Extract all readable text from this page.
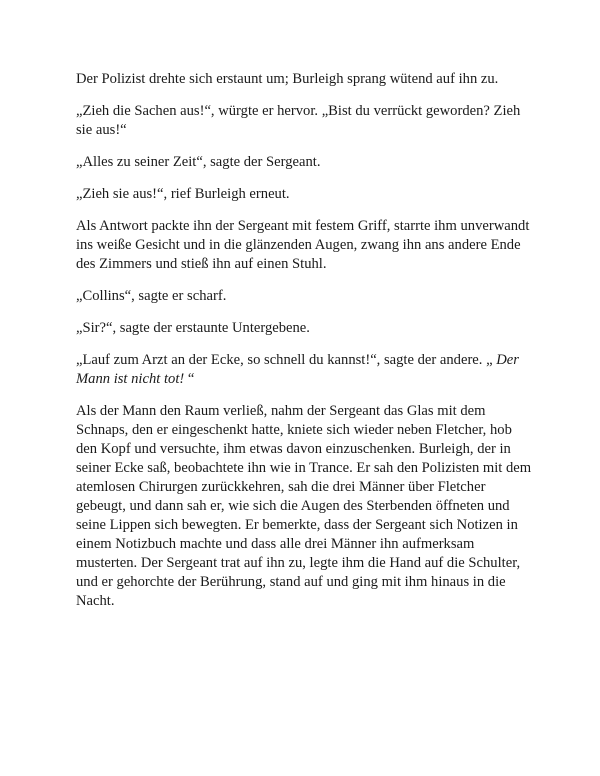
Der Polizist drehte sich erstaunt um; Burleigh sprang wütend auf ihn zu.

„Zieh die Sachen aus!“, würgte er hervor. „Bist du verrückt geworden? Zieh sie aus!“

„Alles zu seiner Zeit“, sagte der Sergeant.

„Zieh sie aus!“, rief Burleigh erneut.

Als Antwort packte ihn der Sergeant mit festem Griff, starrte ihm unverwandt ins weiße Gesicht und in die glänzenden Augen, zwang ihn ans andere Ende des Zimmers und stieß ihn auf einen Stuhl.

„Collins“, sagte er scharf.

„Sir?“, sagte der erstaunte Untergebene.

„Lauf zum Arzt an der Ecke, so schnell du kannst!“, sagte der andere. „ Der Mann ist nicht tot! “

Als der Mann den Raum verließ, nahm der Sergeant das Glas mit dem Schnaps, den er eingeschenkt hatte, kniete sich wieder neben Fletcher, hob den Kopf und versuchte, ihm etwas davon einzuschenken. Burleigh, der in seiner Ecke saß, beobachtete ihn wie in Trance. Er sah den Polizisten mit dem atemlosen Chirurgen zurückkehren, sah die drei Männer über Fletcher gebeugt, und dann sah er, wie sich die Augen des Sterbenden öffneten und seine Lippen sich bewegten. Er bemerkte, dass der Sergeant sich Notizen in einem Notizbuch machte und dass alle drei Männer ihn aufmerksam musterten. Der Sergeant trat auf ihn zu, legte ihm die Hand auf die Schulter, und er gehorchte der Berührung, stand auf und ging mit ihm hinaus in die Nacht.
